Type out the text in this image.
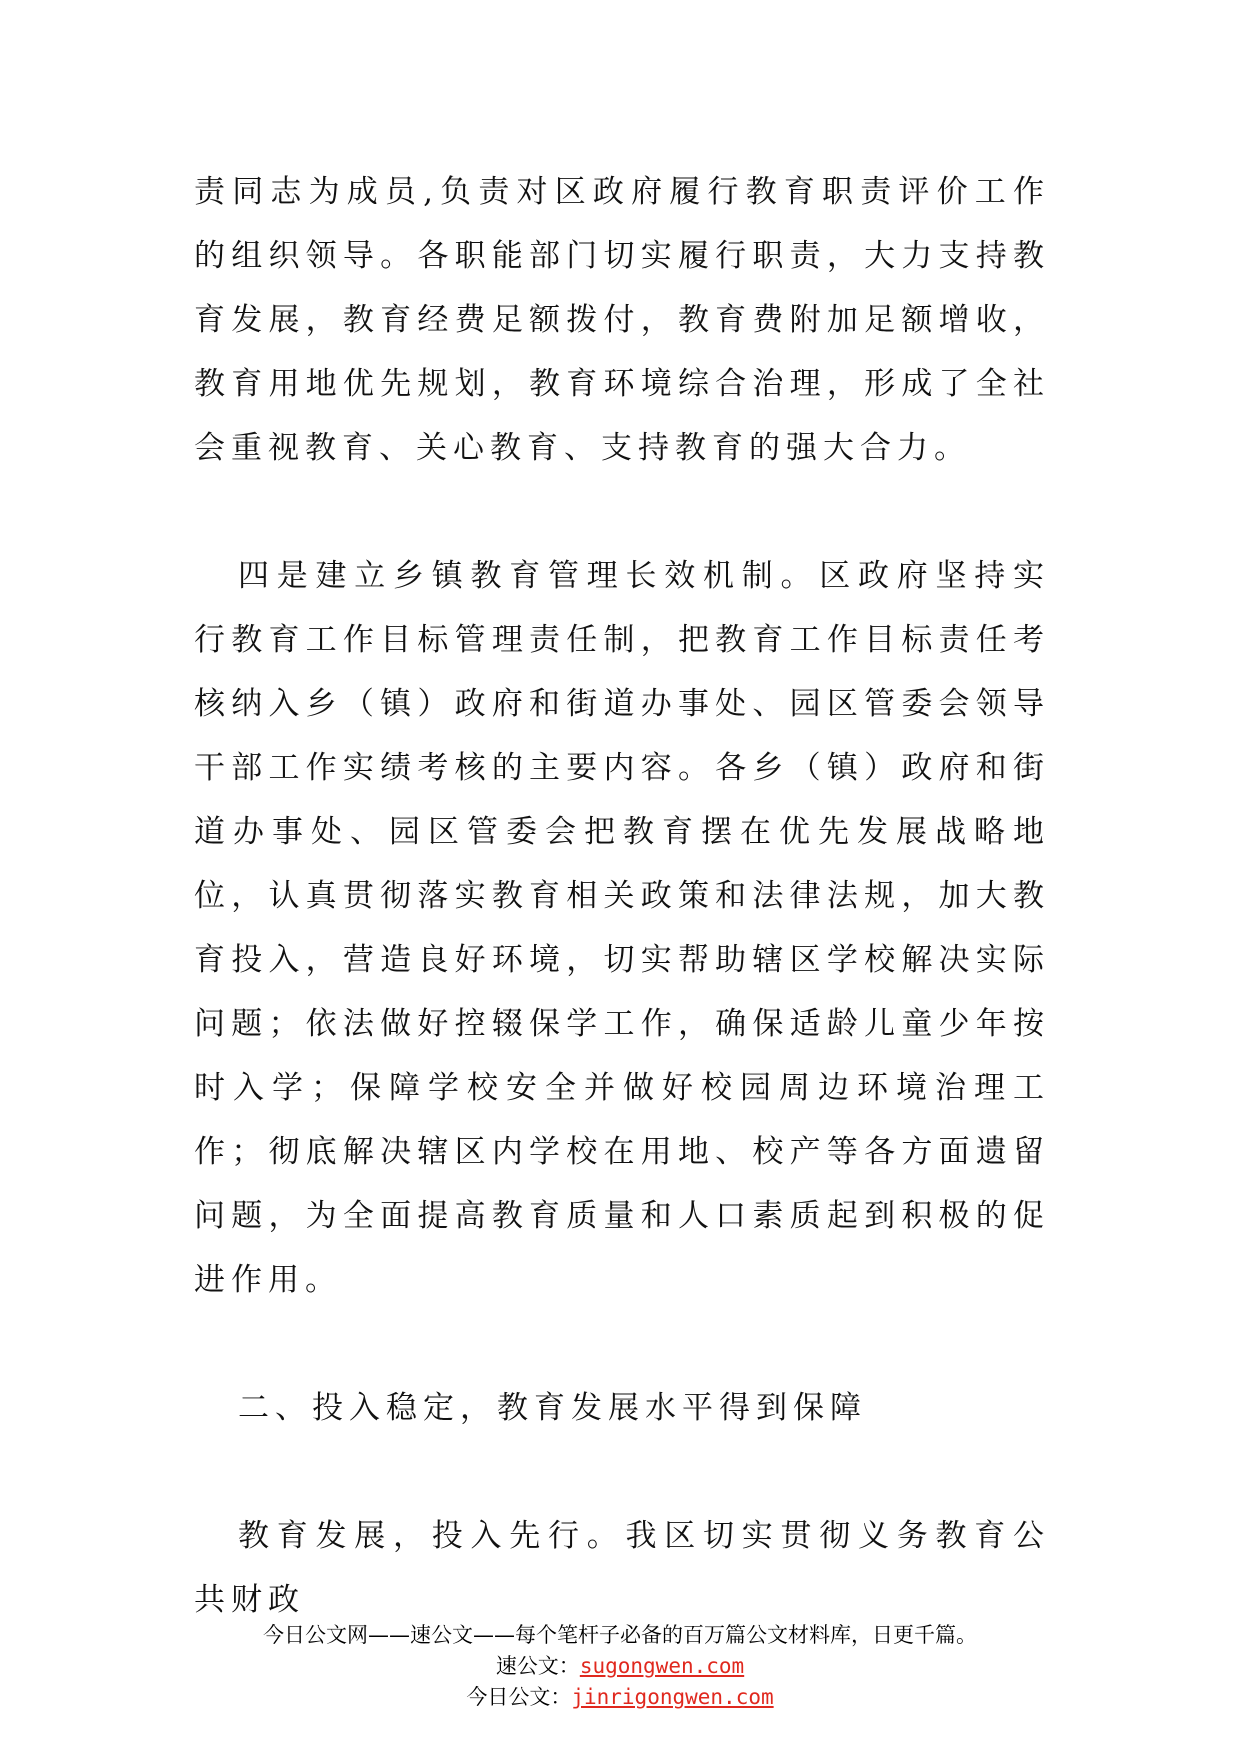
责同志为成员,负责对区政府履行教育职责评价工作的组织领导。各职能部门切实履行职责，大力支持教育发展，教育经费足额拨付，教育费附加足额增收，教育用地优先规划，教育环境综合治理，形成了全社会重视教育、关心教育、支持教育的强大合力。

四是建立乡镇教育管理长效机制。区政府坚持实行教育工作目标管理责任制，把教育工作目标责任考核纳入乡（镇）政府和街道办事处、园区管委会领导干部工作实绩考核的主要内容。各乡（镇）政府和街道办事处、园区管委会把教育摆在优先发展战略地位，认真贯彻落实教育相关政策和法律法规，加大教育投入，营造良好环境，切实帮助辖区学校解决实际问题；依法做好控辍保学工作，确保适龄儿童少年按时入学；保障学校安全并做好校园周边环境治理工作；彻底解决辖区内学校在用地、校产等各方面遗留问题，为全面提高教育质量和人口素质起到积极的促进作用。

二、投入稳定，教育发展水平得到保障

教育发展，投入先行。我区切实贯彻义务教育公共财政

今日公文网——速公文——每个笔杆子必备的百万篇公文材料库，日更千篇。
速公文：sugongwen.com
今日公文：jinrigongwen.com
